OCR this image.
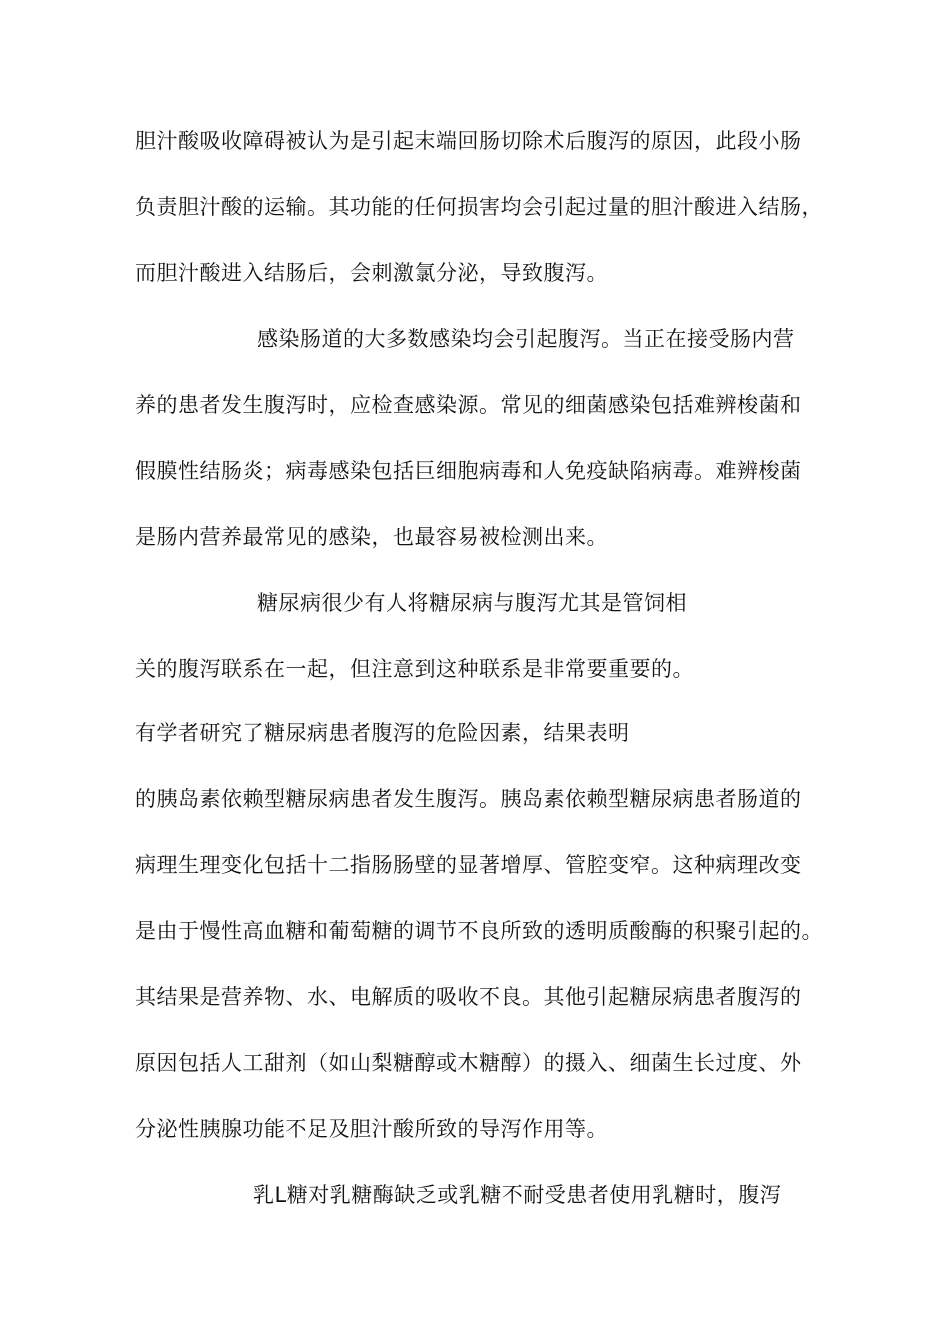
胆汁酸吸收障碍被认为是引起末端回肠切除术后腹泻的原因，此段小肠
负责胆汁酸的运输。其功能的任何损害均会引起过量的胆汁酸进入结肠，
而胆汁酸进入结肠后，会刺激氯分泌，导致腹泻。
感染肠道的大多数感染均会引起腹泻。当正在接受肠内营
养的患者发生腹泻时，应检查感染源。常见的细菌感染包括难辨梭菌和
假膜性结肠炎；病毒感染包括巨细胞病毒和人免疫缺陷病毒。难辨梭菌
是肠内营养最常见的感染，也最容易被检测出来。
糖尿病很少有人将糖尿病与腹泻尤其是管饲相
关的腹泻联系在一起，但注意到这种联系是非常要重要的。
有学者研究了糖尿病患者腹泻的危险因素，结果表明
的胰岛素依赖型糖尿病患者发生腹泻。胰岛素依赖型糖尿病患者肠道的
病理生理变化包括十二指肠肠壁的显著增厚、管腔变窄。这种病理改变
是由于慢性高血糖和葡萄糖的调节不良所致的透明质酸酶的积聚引起的。
其结果是营养物、水、电解质的吸收不良。其他引起糖尿病患者腹泻的
原因包括人工甜剂（如山梨糖醇或木糖醇）的摄入、细菌生长过度、外
分泌性胰腺功能不足及胆汁酸所致的导泻作用等。
乳L糖对乳糖酶缺乏或乳糖不耐受患者使用乳糖时，腹泻
